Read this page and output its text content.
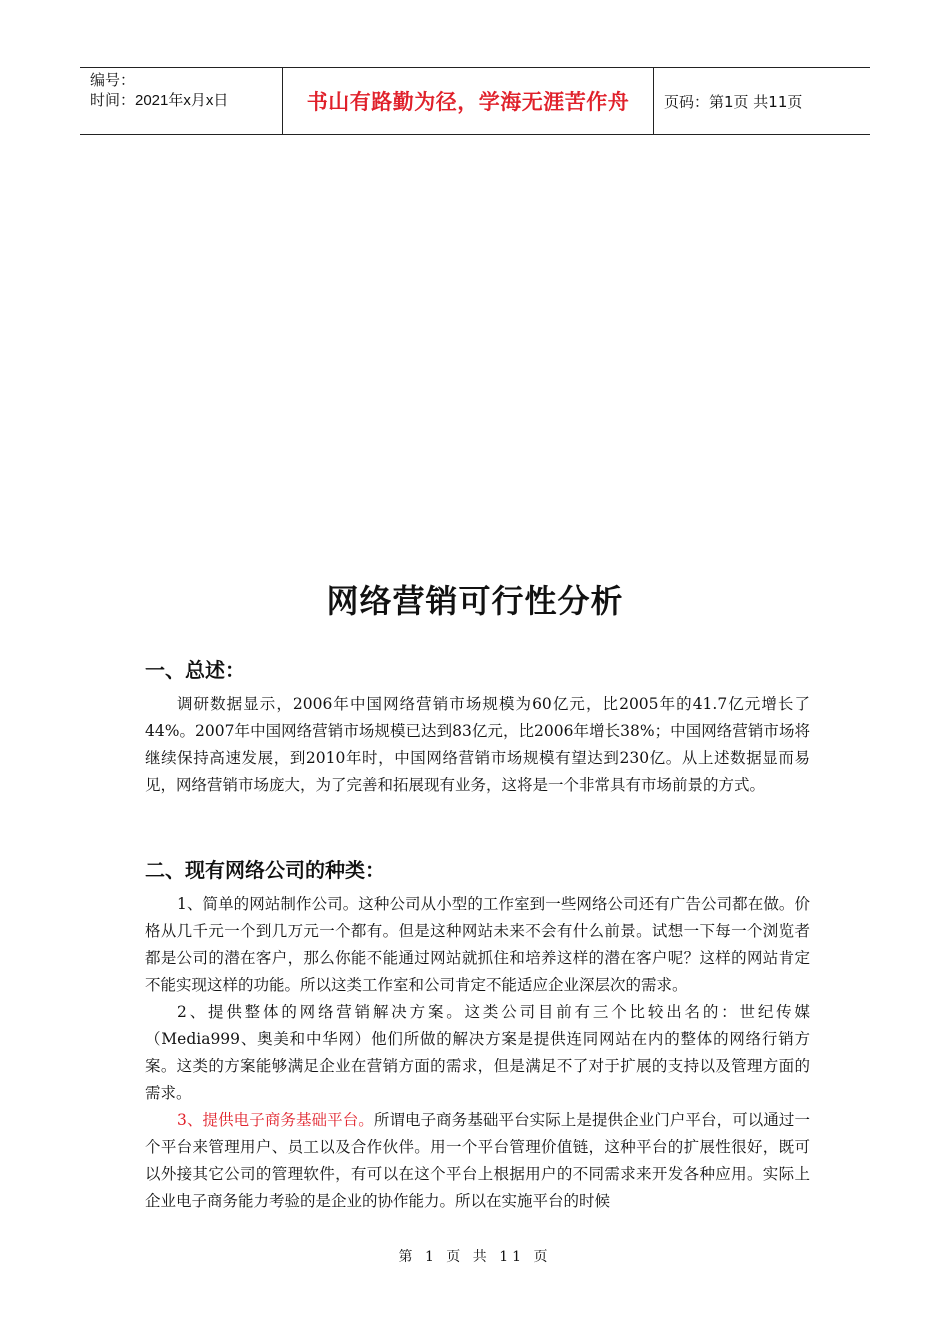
编号：
时间：2021年x月x日	书山有路勤为径，学海无涯苦作舟 页码：第1页 共11页
网络营销可行性分析
一、总述：

调研数据显示，2006年中国网络营销市场规模为60亿元，比2005年的41.7亿元增长了44%。2007年中国网络营销市场规模已达到83亿元，比2006年增长38%；中国网络营销市场将继续保持高速发展，到2010年时，中国网络营销市场规模有望达到230亿。从上述数据显而易见，网络营销市场庞大，为了完善和拓展现有业务，这将是一个非常具有市场前景的方式。

二、现有网络公司的种类：

1、简单的网站制作公司。这种公司从小型的工作室到一些网络公司还有广告公司都在做。价格从几千元一个到几万元一个都有。但是这种网站未来不会有什么前景。试想一下每一个浏览者都是公司的潜在客户，那么你能不能通过网站就抓住和培养这样的潜在客户呢？这样的网站肯定不能实现这样的功能。所以这类工作室和公司肯定不能适应企业深层次的需求。

2、提供整体的网络营销解决方案。这类公司目前有三个比较出名的：世纪传媒（Media999、奥美和中华网）他们所做的解决方案是提供连同网站在内的整体的网络行销方案。这类的方案能够满足企业在营销方面的需求，但是满足不了对于扩展的支持以及管理方面的需求。

3、提供电子商务基础平台。所谓电子商务基础平台实际上是提供企业门户平台，可以通过一个平台来管理用户、员工以及合作伙伴。用一个平台管理价值链，这种平台的扩展性很好，既可以外接其它公司的管理软件，有可以在这个平台上根据用户的不同需求来开发各种应用。实际上企业电子商务能力考验的是企业的协作能力。所以在实施平台的时候

第 1 页 共 11 页
